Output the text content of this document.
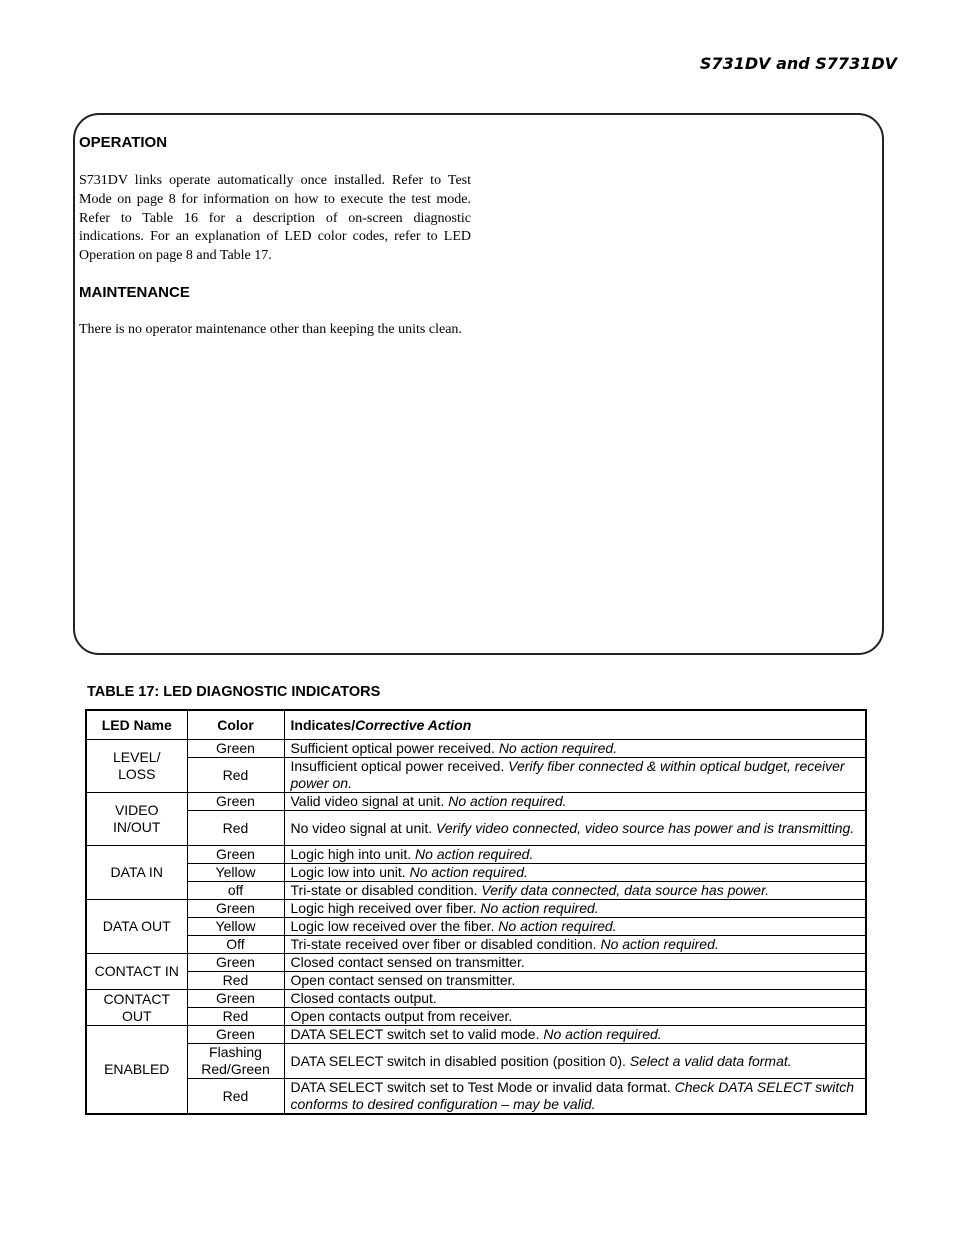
S731DV and S7731DV
OPERATION

S731DV links operate automatically once installed. Refer to Test Mode on page 8 for information on how to execute the test mode. Refer to Table 16 for a description of on-screen diagnostic indications. For an explanation of LED color codes, refer to LED Operation on page 8 and Table 17.

MAINTENANCE

There is no operator maintenance other than keeping the units clean.

TABLE 17: LED DIAGNOSTIC INDICATORS
LED Name	Color	Indicates/Corrective Action
LEVEL/ LOSS	Green	Sufficient optical power received. No action required.
	Red	Insufficient optical power received. Verify fiber connected & within optical budget, receiver power on.
VIDEO IN/OUT	Green	Valid video signal at unit. No action required.
	Red	No video signal at unit. Verify video connected, video source has power and is transmitting.
DATA IN	Green	Logic high into unit. No action required.
	Yellow	Logic low into unit. No action required.
	off	Tri-state or disabled condition. Verify data connected, data source has power.
DATA OUT	Green	Logic high received over fiber. No action required.
	Yellow	Logic low received over the fiber. No action required.
	Off	Tri-state received over fiber or disabled condition. No action required.
CONTACT IN	Green	Closed contact sensed on transmitter.
	Red	Open contact sensed on transmitter.
CONTACT OUT	Green	Closed contacts output.
	Red	Open contacts output from receiver.
ENABLED	Green	DATA SELECT switch set to valid mode. No action required.
	Flashing Red/Green	DATA SELECT switch in disabled position (position 0). Select a valid data format.
	Red	DATA SELECT switch set to Test Mode or invalid data format. Check DATA SELECT switch conforms to desired configuration – may be valid.
